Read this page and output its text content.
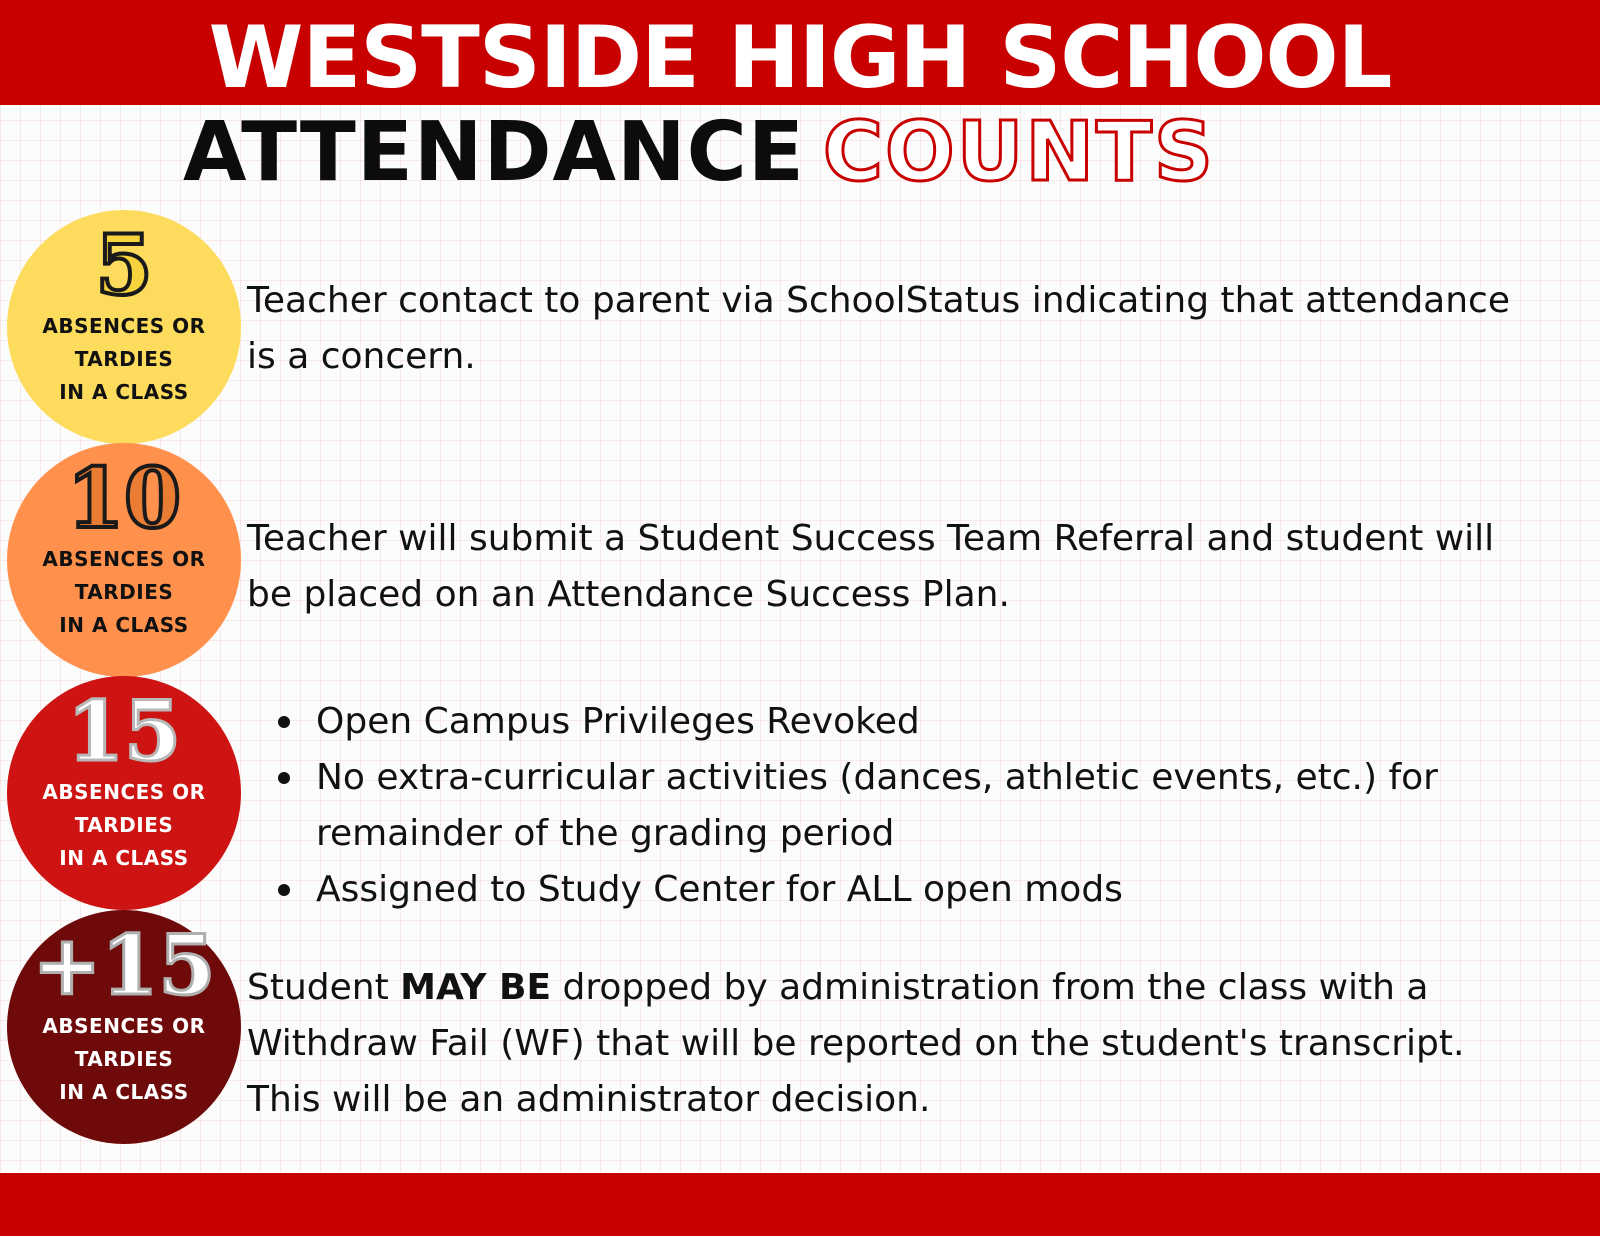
WESTSIDE HIGH SCHOOL
ATTENDANCE COUNTS
5
ABSENCES OR
TARDIES
IN A CLASS

Teacher contact to parent via SchoolStatus indicating that attendance is a concern.

10
ABSENCES OR
TARDIES
IN A CLASS

Teacher will submit a Student Success Team Referral and student will be placed on an Attendance Success Plan.

15
ABSENCES OR
TARDIES
IN A CLASS
Open Campus Privileges Revoked
No extra-curricular activities (dances, athletic events, etc.) for remainder of the grading period
Assigned to Study Center for ALL open mods
+15
ABSENCES OR
TARDIES
IN A CLASS

Student MAY BE dropped by administration from the class with a Withdraw Fail (WF) that will be reported on the student's transcript. This will be an administrator decision.
